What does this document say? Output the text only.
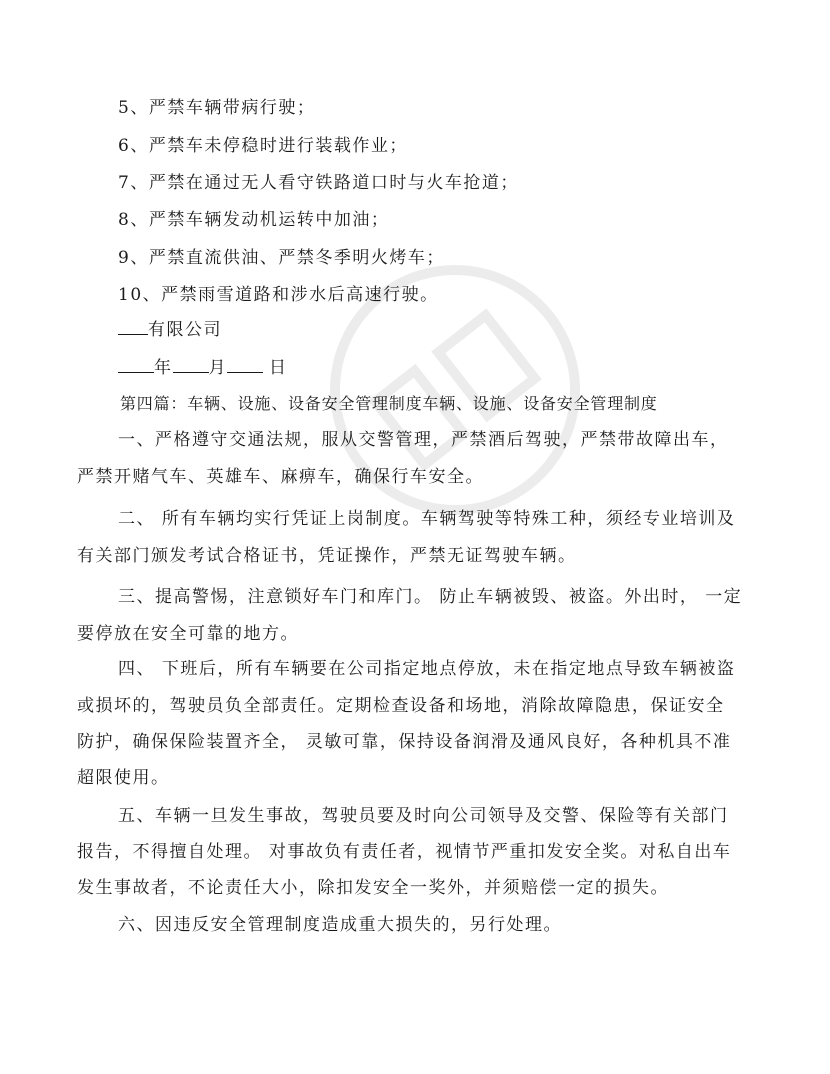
5、严禁车辆带病行驶；
6、严禁车未停稳时进行装载作业；
7、严禁在通过无人看守铁路道口时与火车抢道；
8、严禁车辆发动机运转中加油；
9、严禁直流供油、严禁冬季明火烤车；
10、严禁雨雪道路和涉水后高速行驶。
有限公司
年 月 日
第四篇：车辆、设施、设备安全管理制度车辆、设施、设备安全管理制度
一、严格遵守交通法规，服从交警管理，严禁酒后驾驶，严禁带故障出车，
严禁开赌气车、英雄车、麻痹车，确保行车安全。
二、 所有车辆均实行凭证上岗制度。车辆驾驶等特殊工种，须经专业培训及
有关部门颁发考试合格证书，凭证操作，严禁无证驾驶车辆。
三、提高警惕，注意锁好车门和库门。 防止车辆被毁、被盗。外出时， 一定
要停放在安全可靠的地方。
四、 下班后，所有车辆要在公司指定地点停放，未在指定地点导致车辆被盗
或损坏的，驾驶员负全部责任。定期检查设备和场地，消除故障隐患，保证安全
防护，确保保险装置齐全， 灵敏可靠，保持设备润滑及通风良好，各种机具不准
超限使用。
五、车辆一旦发生事故，驾驶员要及时向公司领导及交警、保险等有关部门
报告，不得擅自处理。 对事故负有责任者，视情节严重扣发安全奖。对私自出车
发生事故者，不论责任大小，除扣发安全一奖外，并须赔偿一定的损失。
六、因违反安全管理制度造成重大损失的，另行处理。
